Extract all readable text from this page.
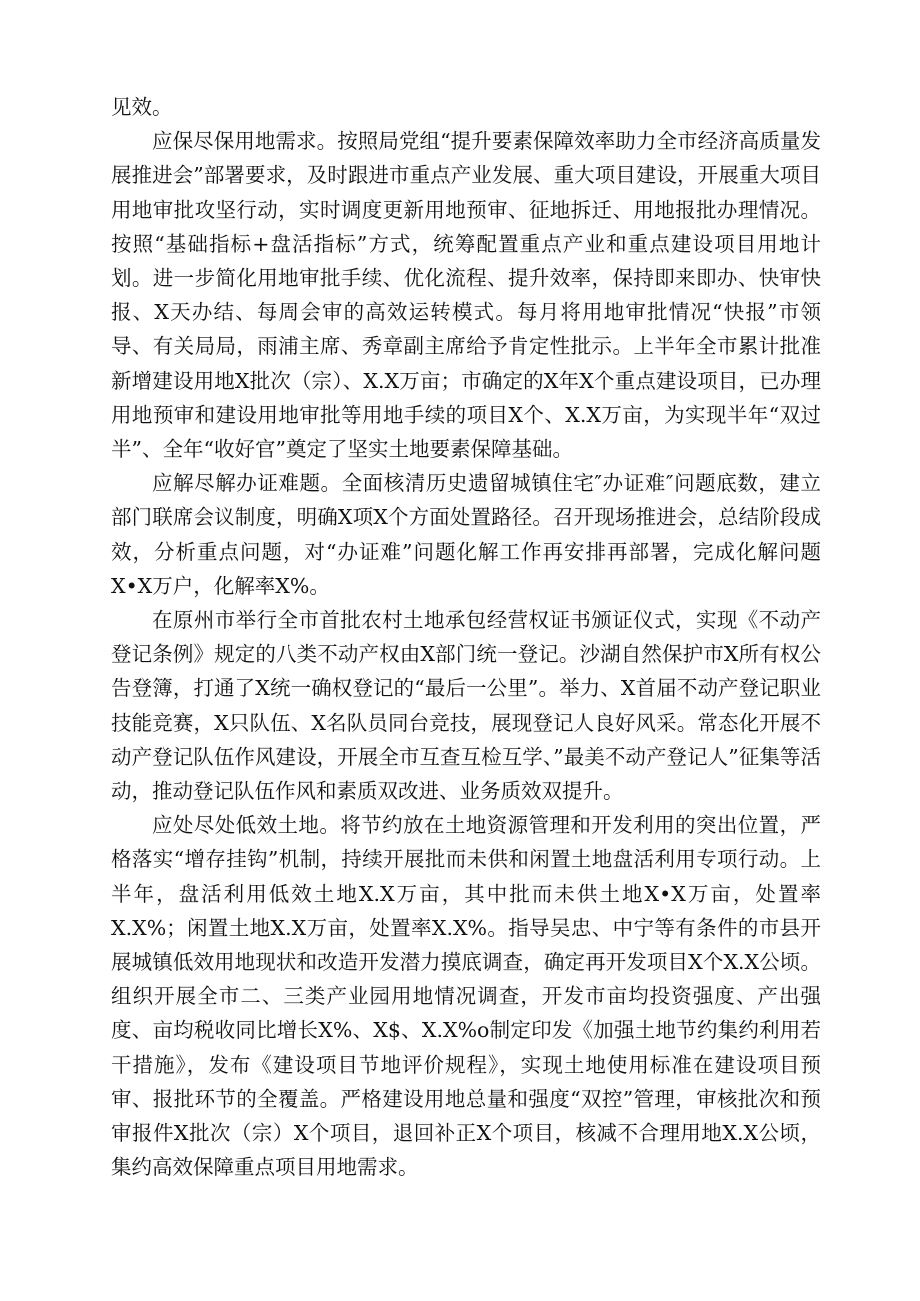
见效。

应保尽保用地需求。按照局党组“提升要素保障效率助力全市经济高质量发展推进会”部署要求，及时跟进市重点产业发展、重大项目建设，开展重大项目用地审批攻坚行动，实时调度更新用地预审、征地拆迁、用地报批办理情况。按照“基础指标+盘活指标”方式，统筹配置重点产业和重点建设项目用地计划。进一步简化用地审批手续、优化流程、提升效率，保持即来即办、快审快报、X天办结、每周会审的高效运转模式。每月将用地审批情况“快报”市领导、有关局局，雨浦主席、秀章副主席给予肯定性批示。上半年全市累计批准新增建设用地X批次（宗）、X.X万亩；市确定的X年X个重点建设项目，已办理用地预审和建设用地审批等用地手续的项目X个、X.X万亩，为实现半年“双过半”、全年“收好官”奠定了坚实土地要素保障基础。

应解尽解办证难题。全面核清历史遗留城镇住宅″办证难″问题底数，建立部门联席会议制度，明确X项X个方面处置路径。召开现场推进会，总结阶段成效，分析重点问题，对“办证难”问题化解工作再安排再部署，完成化解问题X•X万户，化解率X%。

在原州市举行全市首批农村土地承包经营权证书颁证仪式，实现《不动产登记条例》规定的八类不动产权由X部门统一登记。沙湖自然保护市X所有权公告登簿，打通了X统一确权登记的“最后一公里”。举力、X首届不动产登记职业技能竞赛，X只队伍、X名队员同台竞技，展现登记人良好风采。常态化开展不动产登记队伍作风建设，开展全市互查互检互学、”最美不动产登记人”征集等活动，推动登记队伍作风和素质双改进、业务质效双提升。

应处尽处低效土地。将节约放在土地资源管理和开发利用的突出位置，严格落实“增存挂钩”机制，持续开展批而未供和闲置土地盘活利用专项行动。上半年，盘活利用低效土地X.X万亩，其中批而未供土地X•X万亩，处置率X.X%；闲置土地X.X万亩，处置率X.X%。指导吴忠、中宁等有条件的市县开展城镇低效用地现状和改造开发潜力摸底调查，确定再开发项目X个X.X公顷。组织开展全市二、三类产业园用地情况调查，开发市亩均投资强度、产出强度、亩均税收同比增长X%、X$、X.X%o制定印发《加强土地节约集约利用若干措施》，发布《建设项目节地评价规程》，实现土地使用标准在建设项目预审、报批环节的全覆盖。严格建设用地总量和强度“双控”管理，审核批次和预审报件X批次（宗）X个项目，退回补正X个项目，核减不合理用地X.X公顷，集约高效保障重点项目用地需求。
